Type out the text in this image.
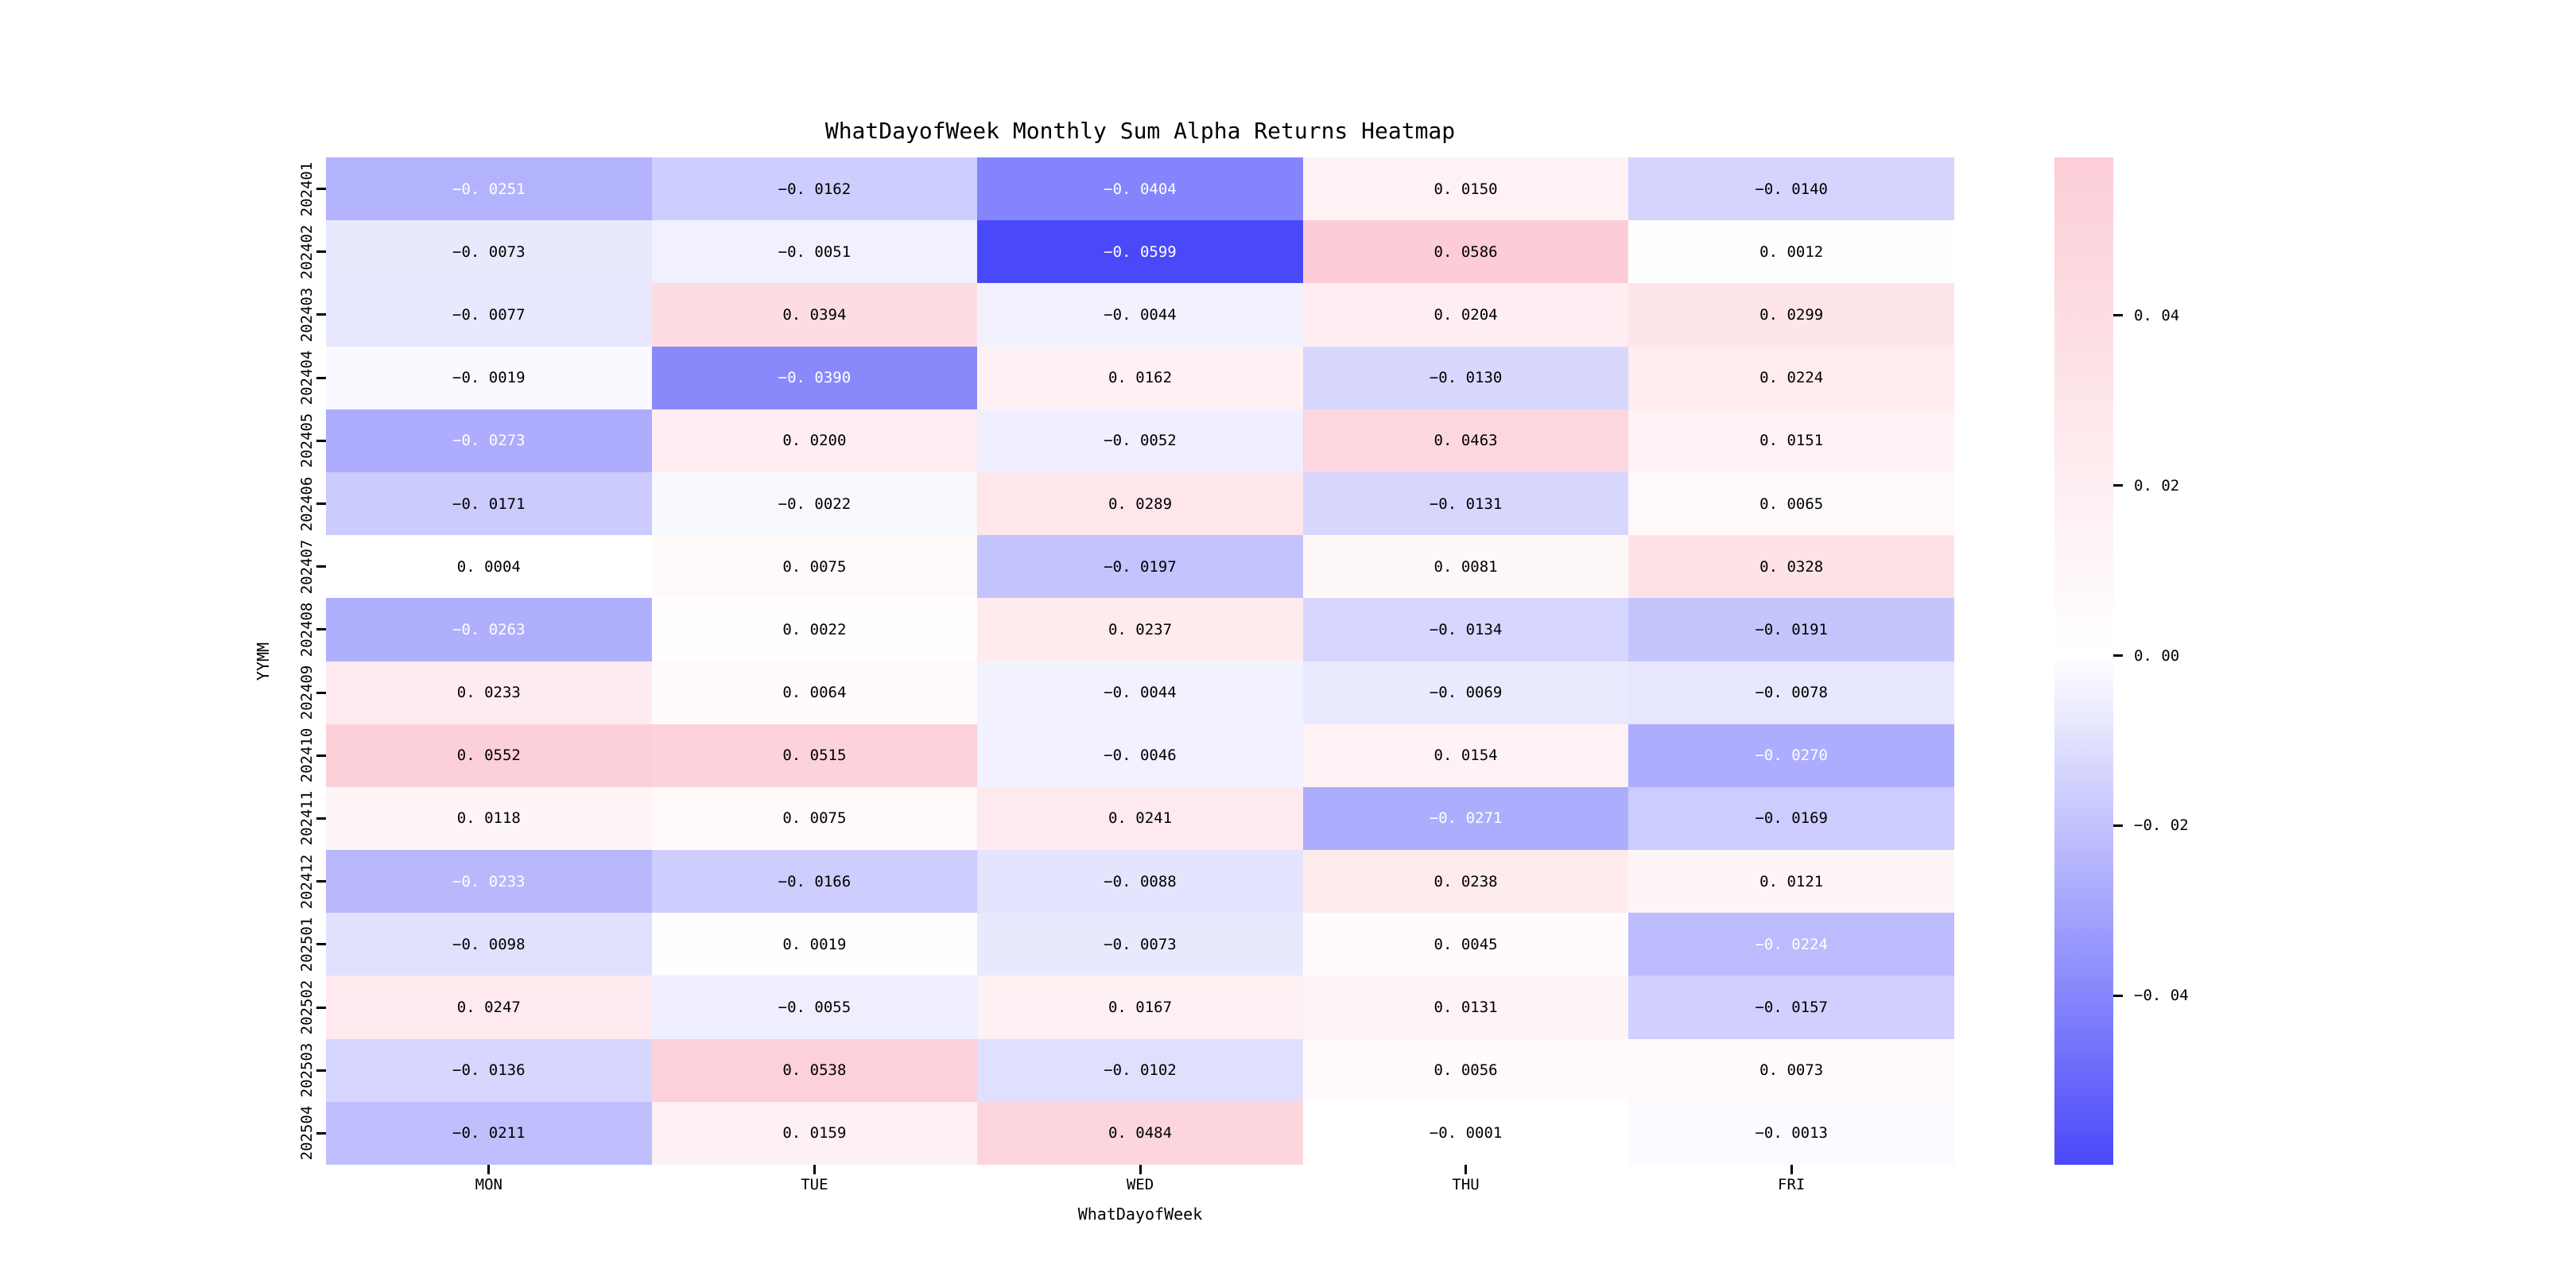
WhatDayofWeek Monthly Sum Alpha Returns Heatmap
−0. 0251	−0. 0162	−0. 0404	0. 0150	−0. 0140
−0. 0073	−0. 0051	−0. 0599	0. 0586	0. 0012
−0. 0077	0. 0394	−0. 0044	0. 0204	0. 0299
−0. 0019	−0. 0390	0. 0162	−0. 0130	0. 0224
−0. 0273	0. 0200	−0. 0052	0. 0463	0. 0151
−0. 0171	−0. 0022	0. 0289	−0. 0131	0. 0065
0. 0004	0. 0075	−0. 0197	0. 0081	0. 0328
−0. 0263	0. 0022	0. 0237	−0. 0134	−0. 0191
0. 0233	0. 0064	−0. 0044	−0. 0069	−0. 0078
0. 0552	0. 0515	−0. 0046	0. 0154	−0. 0270
0. 0118	0. 0075	0. 0241	−0. 0271	−0. 0169
−0. 0233	−0. 0166	−0. 0088	0. 0238	0. 0121
−0. 0098	0. 0019	−0. 0073	0. 0045	−0. 0224
0. 0247	−0. 0055	0. 0167	0. 0131	−0. 0157
−0. 0136	0. 0538	−0. 0102	0. 0056	0. 0073
−0. 0211	0. 0159	0. 0484	−0. 0001	−0. 0013
YYMM
WhatDayofWeek
202401
202402
202403
202404
202405
202406
202407
202408
202409
202410
202411
202412
202501
202502
202503
202504
MON	TUE	WED	THU	FRI
0. 04
0. 02
0. 00
−0. 02
−0. 04
